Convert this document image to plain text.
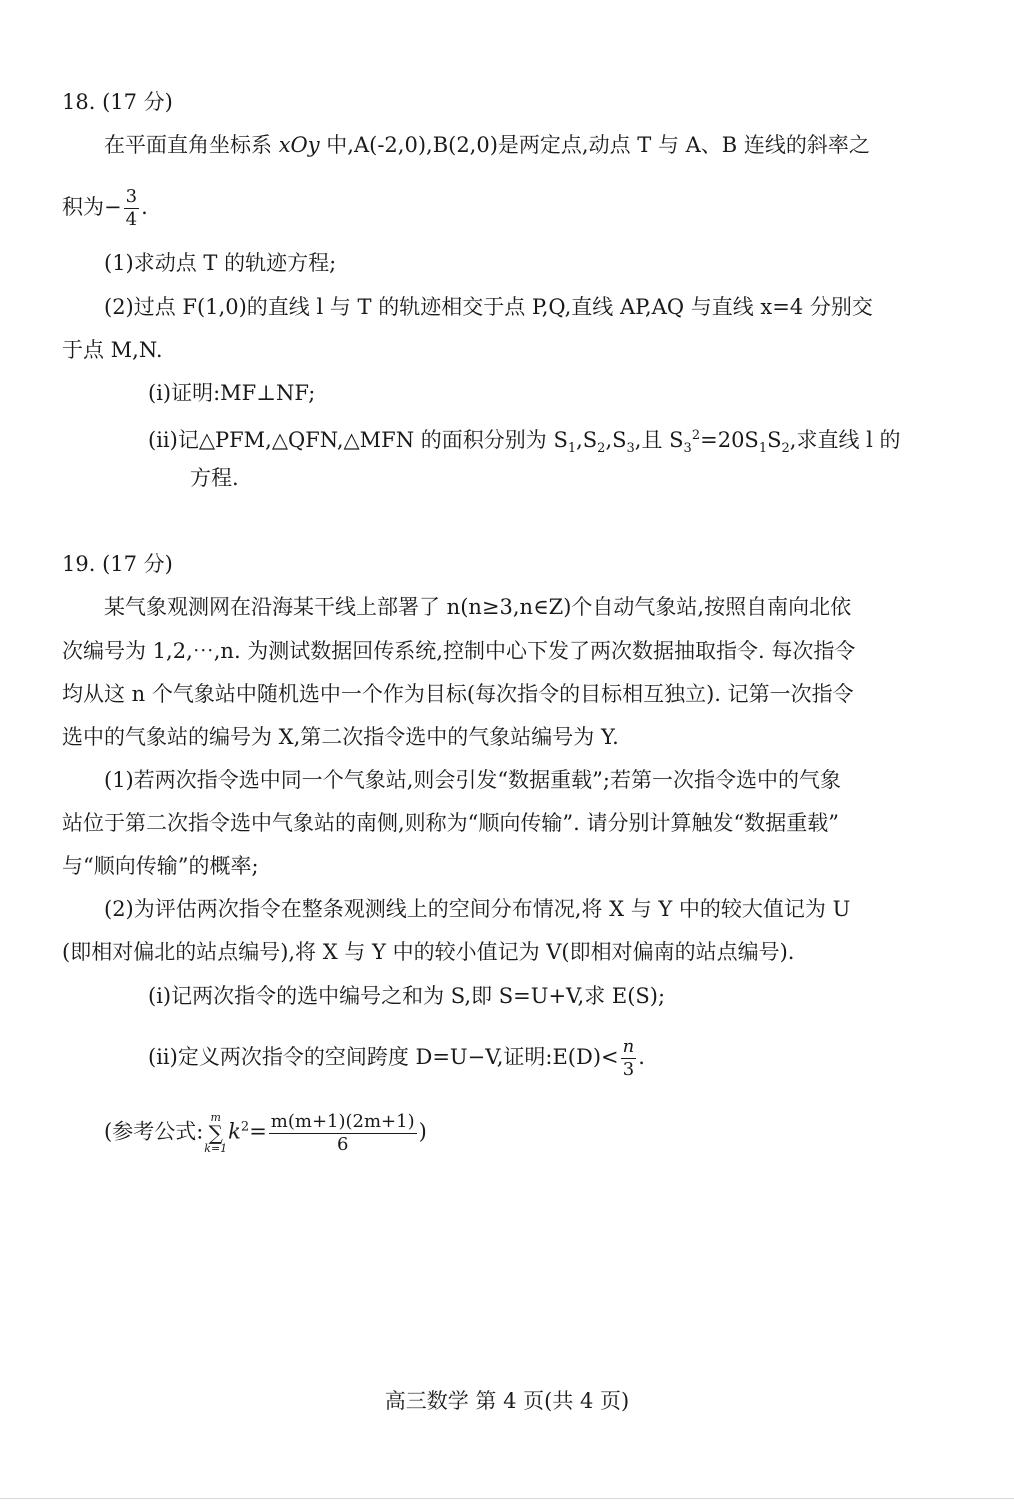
18. (17 分)
在平面直角坐标系 xOy 中,A(-2,0),B(2,0)是两定点,动点 T 与 A、B 连线的斜率之
积为− $\frac{3}{4}$ .
(1)求动点 T 的轨迹方程;
(2)过点 F(1,0)的直线 l 与 T 的轨迹相交于点 P,Q,直线 AP,AQ 与直线 x=4 分别交
于点 M,N.
(i)证明:MF⊥NF;
(ii)记△PFM,△QFN,△MFN 的面积分别为 $S_1,S_2,S_3$,且 $S_3^2=20S_1S_2$,求直线 l 的
方程.
19. (17 分)
某气象观测网在沿海某干线上部署了 n(n≥3,n∈Z)个自动气象站,按照自南向北依
次编号为 1,2,⋯,n. 为测试数据回传系统,控制中心下发了两次数据抽取指令. 每次指令
均从这 n 个气象站中随机选中一个作为目标(每次指令的目标相互独立). 记第一次指令
选中的气象站的编号为 X,第二次指令选中的气象站编号为 Y.
(1)若两次指令选中同一个气象站,则会引发“数据重载”;若第一次指令选中的气象
站位于第二次指令选中气象站的南侧,则称为“顺向传输”. 请分别计算触发“数据重载”
与“顺向传输”的概率;
(2)为评估两次指令在整条观测线上的空间分布情况,将 X 与 Y 中的较大值记为 U
(即相对偏北的站点编号),将 X 与 Y 中的较小值记为 V(即相对偏南的站点编号).
(i)记两次指令的选中编号之和为 S,即 S=U+V,求 E(S);
(ii)定义两次指令的空间跨度 D=U−V,证明:E(D)< $\frac{n}{3}$ .
(参考公式:m
∑
$k=1k^2= \frac{m(m+1)(2m+1)}{6}$ )
高三数学 第 4 页(共 4 页)
